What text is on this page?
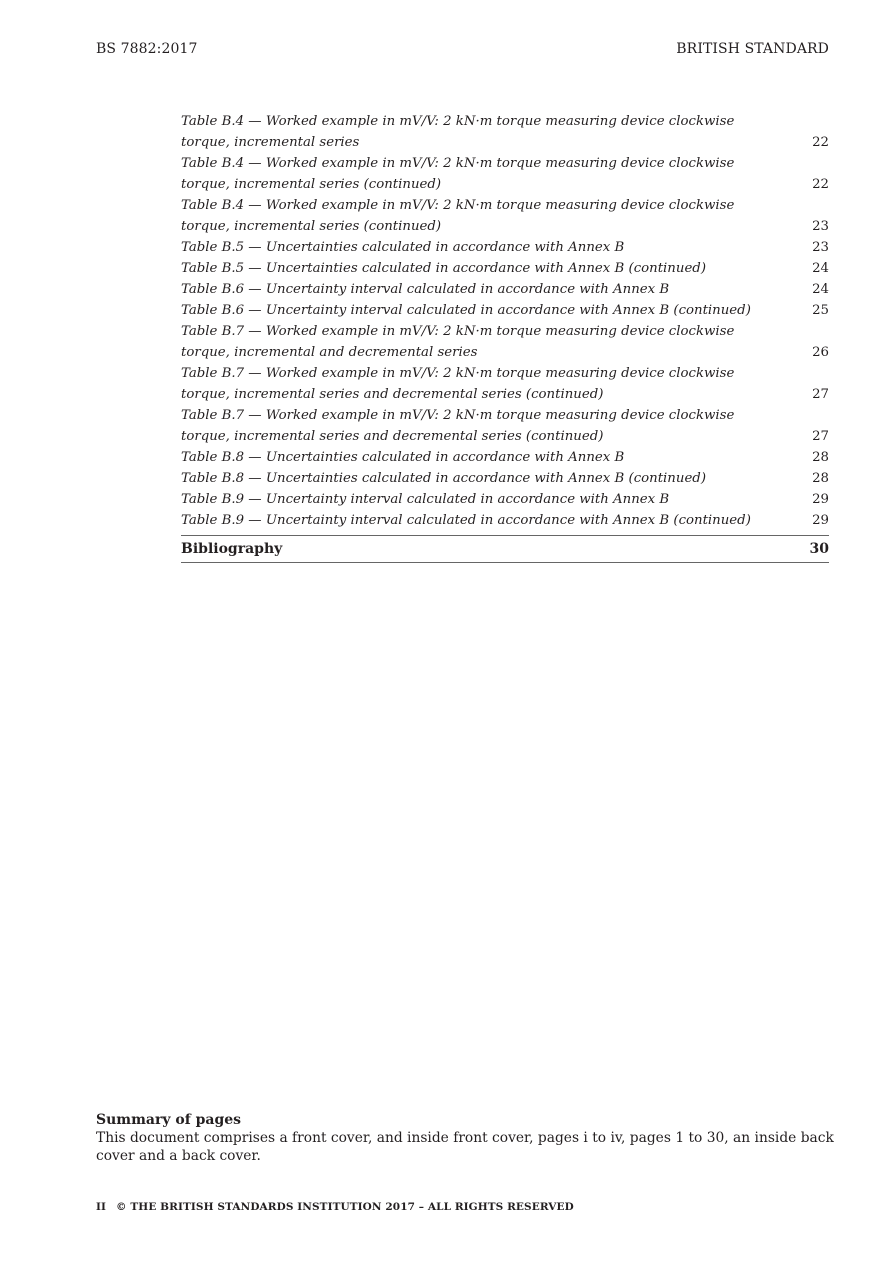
BS 7882:2017	BRITISH STANDARD
Table B.4 — Worked example in mV/V: 2 kN·m torque measuring device clockwise torque, incremental series	22
Table B.4 — Worked example in mV/V: 2 kN·m torque measuring device clockwise torque, incremental series (continued)	22
Table B.4 — Worked example in mV/V: 2 kN·m torque measuring device clockwise torque, incremental series (continued)	23
Table B.5 — Uncertainties calculated in accordance with Annex B	23
Table B.5 — Uncertainties calculated in accordance with Annex B (continued)	24
Table B.6 — Uncertainty interval calculated in accordance with Annex B	24
Table B.6 — Uncertainty interval calculated in accordance with Annex B (continued)	25
Table B.7 — Worked example in mV/V: 2 kN·m torque measuring device clockwise torque, incremental and decremental series	26
Table B.7 — Worked example in mV/V: 2 kN·m torque measuring device clockwise torque, incremental series and decremental series (continued)	27
Table B.7 — Worked example in mV/V: 2 kN·m torque measuring device clockwise torque, incremental series and decremental series (continued)	27
Table B.8 — Uncertainties calculated in accordance with Annex B	28
Table B.8 — Uncertainties calculated in accordance with Annex B (continued)	28
Table B.9 — Uncertainty interval calculated in accordance with Annex B	29
Table B.9 — Uncertainty interval calculated in accordance with Annex B (continued)	29
Bibliography	30
Summary of pages

This document comprises a front cover, and inside front cover, pages i to iv, pages 1 to 30, an inside back cover and a back cover.

II © THE BRITISH STANDARDS INSTITUTION 2017 – ALL RIGHTS RESERVED
